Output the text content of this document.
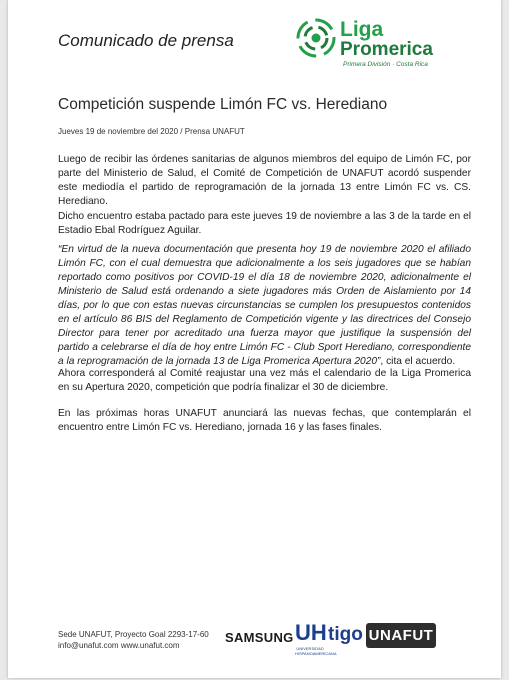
Comunicado de prensa	Liga
Promerica
Primera División · Costa Rica
Competición suspende Limón FC vs. Herediano
Jueves 19 de noviembre del 2020 / Prensa UNAFUT

Luego de recibir las órdenes sanitarias de algunos miembros del equipo de Limón FC, por parte del Ministerio de Salud, el Comité de Competición de UNAFUT acordó suspender este mediodía el partido de reprogramación de la jornada 13 entre Limón FC vs. CS. Herediano.

Dicho encuentro estaba pactado para este jueves 19 de noviembre a las 3 de la tarde en el Estadio Ebal Rodríguez Aguilar.

“En virtud de la nueva documentación que presenta hoy 19 de noviembre 2020 el afiliado Limón FC, con el cual demuestra que adicionalmente a los seis jugadores que se habían reportado como positivos por COVID-19 el día 18 de noviembre 2020, adicionalmente el Ministerio de Salud está ordenando a siete jugadores más Orden de Aislamiento por 14 días, por lo que con estas nuevas circunstancias se cumplen los presupuestos contenidos en el artículo 86 BIS del Reglamento de Competición vigente y las directrices del Consejo Director para tener por acreditado una fuerza mayor que justifique la suspensión del partido a celebrarse el día de hoy entre Limón FC - Club Sport Herediano, correspondiente a la reprogramación de la jornada 13 de Liga Promerica Apertura 2020”, cita el acuerdo.

Ahora corresponderá al Comité reajustar una vez más el calendario de la Liga Promerica en su Apertura 2020, competición que podría finalizar el 30 de diciembre.

En las próximas horas UNAFUT anunciará las nuevas fechas, que contemplarán el encuentro entre Limón FC vs. Herediano, jornada 16 y las fases finales.

Sede UNAFUT, Proyecto Goal 2293-17-60
info@unafut.com www.unafut.com
SAMSUNG UH
UNIVERSIDAD HISPANOAMERICANA
tigo UNAFUT
